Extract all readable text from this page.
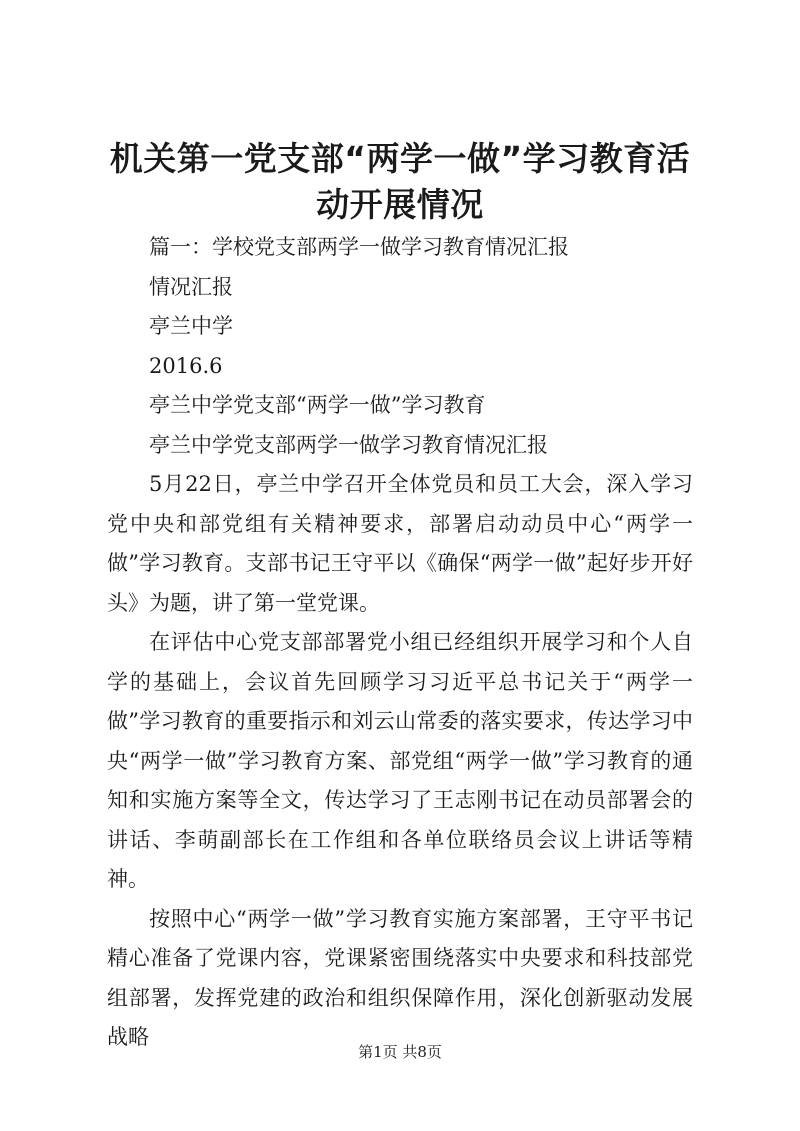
机关第一党支部“两学一做”学习教育活动开展情况

篇一：学校党支部两学一做学习教育情况汇报

情况汇报

亭兰中学

2016.6

亭兰中学党支部“两学一做”学习教育

亭兰中学党支部两学一做学习教育情况汇报

5月22日，亭兰中学召开全体党员和员工大会，深入学习党中央和部党组有关精神要求，部署启动动员中心“两学一做”学习教育。支部书记王守平以《确保“两学一做”起好步开好头》为题，讲了第一堂党课。

在评估中心党支部部署党小组已经组织开展学习和个人自学的基础上，会议首先回顾学习习近平总书记关于“两学一做”学习教育的重要指示和刘云山常委的落实要求，传达学习中央“两学一做”学习教育方案、部党组“两学一做”学习教育的通知和实施方案等全文，传达学习了王志刚书记在动员部署会的讲话、李萌副部长在工作组和各单位联络员会议上讲话等精神。

按照中心“两学一做”学习教育实施方案部署，王守平书记精心准备了党课内容，党课紧密围绕落实中央要求和科技部党组部署，发挥党建的政治和组织保障作用，深化创新驱动发展战略

第1页 共8页
